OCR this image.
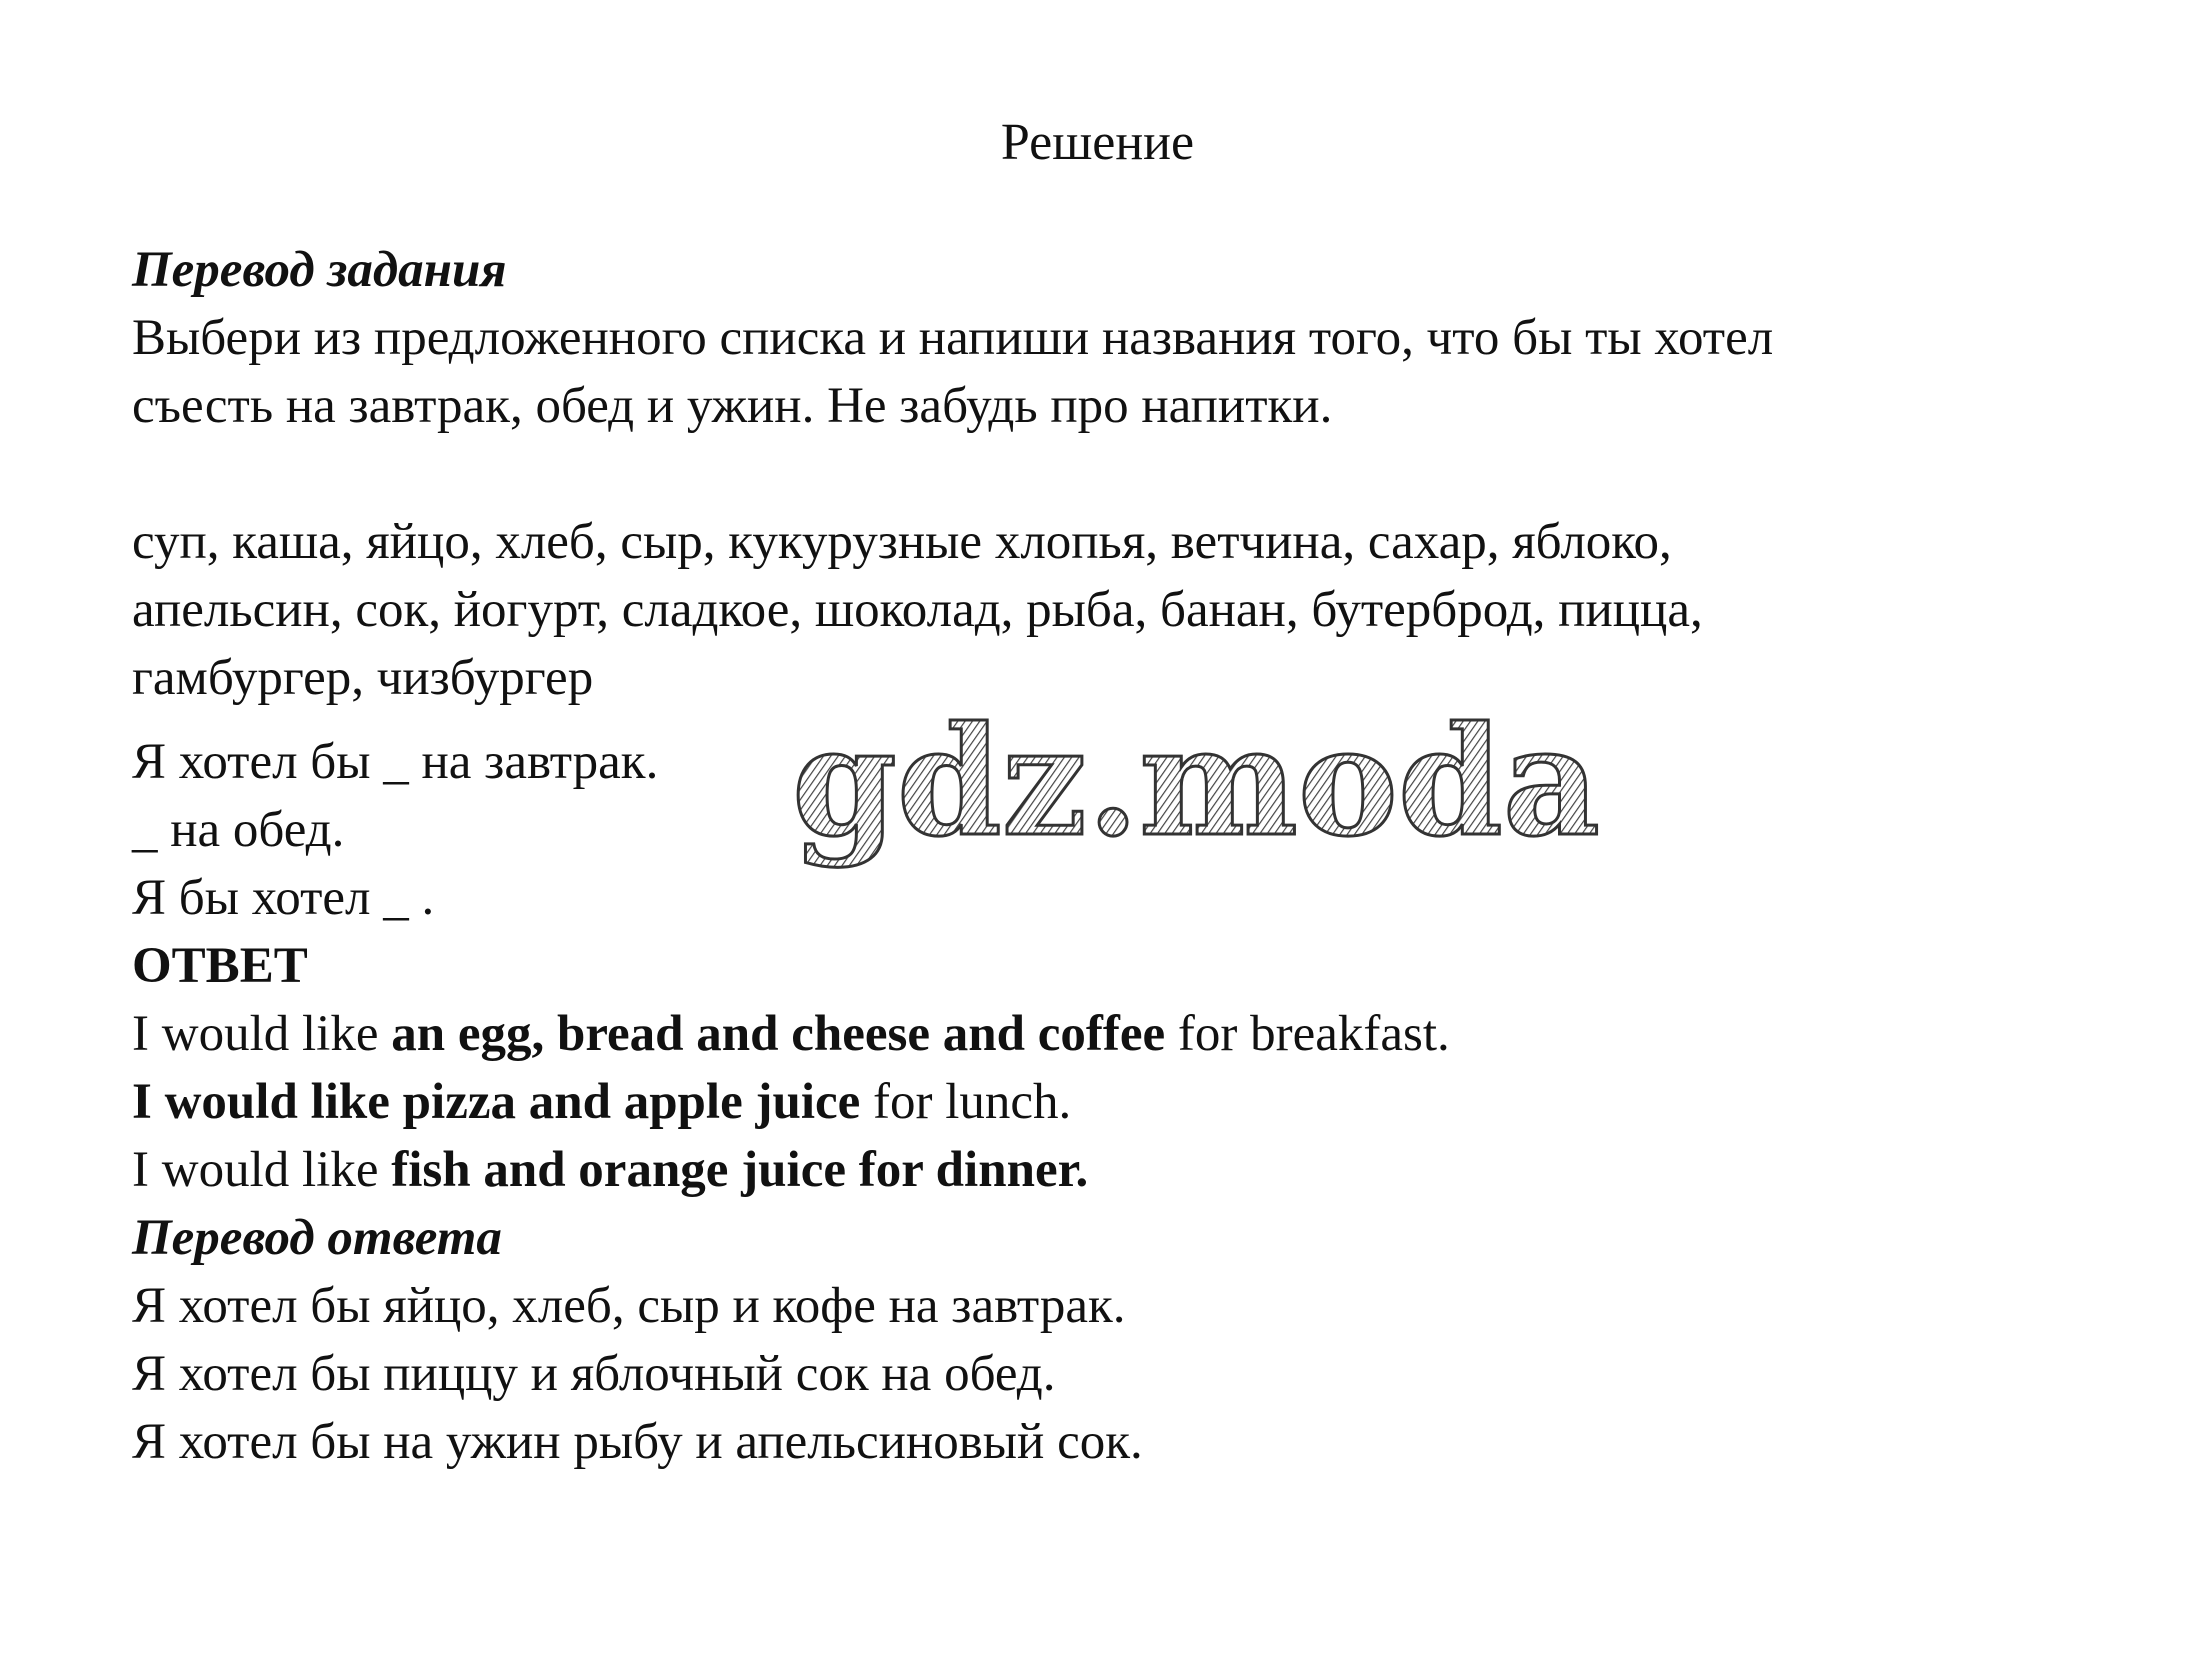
Решение
Перевод задания
Выбери из предложенного списка и напиши названия того, что бы ты хотел
съесть на завтрак, обед и ужин. Не забудь про напитки.
суп, каша, яйцо, хлеб, сыр, кукурузные хлопья, ветчина, сахар, яблоко,
апельсин, сок, йогурт, сладкое, шоколад, рыба, банан, бутерброд, пицца,
гамбургер, чизбургер
Я хотел бы _ на завтрак.
_ на обед.
Я бы хотел _ .
ОТВЕТ
I would like an egg, bread and cheese and coffee for breakfast.
I would like pizza and apple juice for lunch.
I would like fish and orange juice for dinner.
Перевод ответа
Я хотел бы яйцо, хлеб, сыр и кофе на завтрак.
Я хотел бы пиццу и яблочный сок на обед.
Я хотел бы на ужин рыбу и апельсиновый сок.
gdz.moda
